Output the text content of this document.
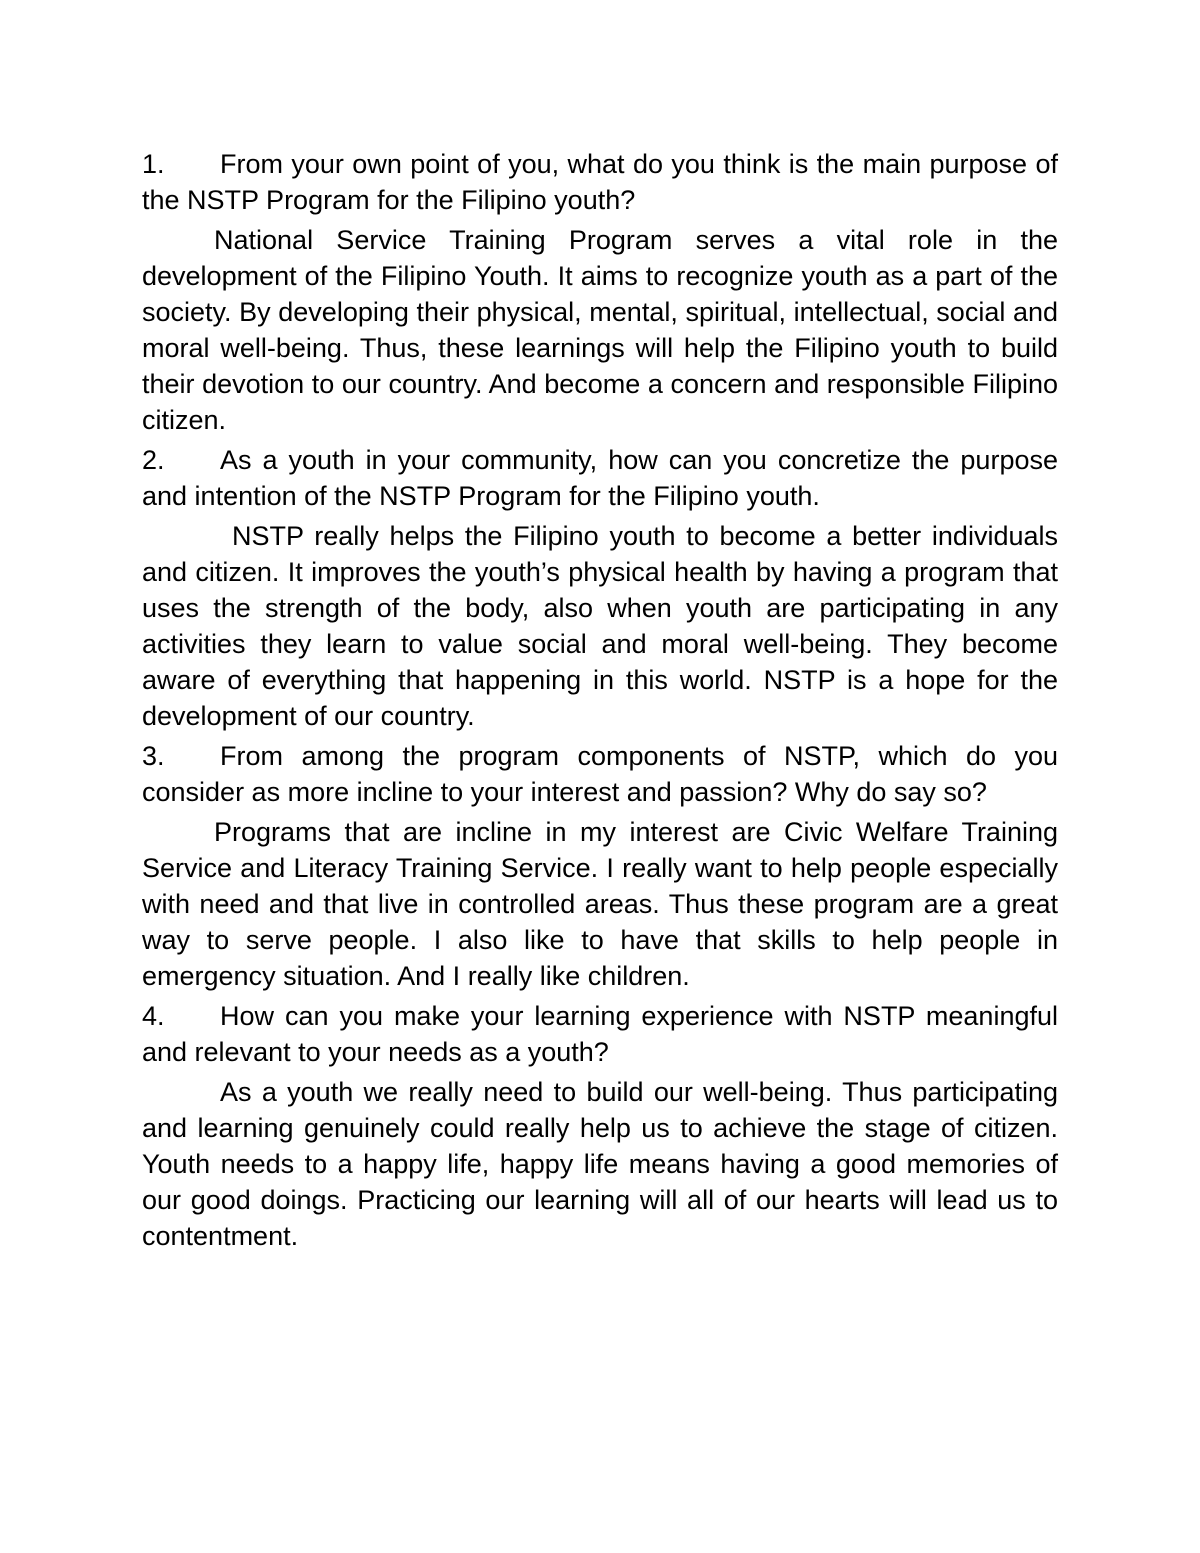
1. From your own point of you, what do you think is the main purpose of the NSTP Program for the Filipino youth?

National Service Training Program serves a vital role in the development of the Filipino Youth. It aims to recognize youth as a part of the society. By developing their physical, mental, spiritual, intellectual, social and moral well-being. Thus, these learnings will help the Filipino youth to build their devotion to our country. And become a concern and responsible Filipino citizen.

2. As a youth in your community, how can you concretize the purpose and intention of the NSTP Program for the Filipino youth.

NSTP really helps the Filipino youth to become a better individuals and citizen. It improves the youth’s physical health by having a program that uses the strength of the body, also when youth are participating in any activities they learn to value social and moral well-being. They become aware of everything that happening in this world. NSTP is a hope for the development of our country.

3. From among the program components of NSTP, which do you consider as more incline to your interest and passion? Why do say so?

Programs that are incline in my interest are Civic Welfare Training Service and Literacy Training Service. I really want to help people especially with need and that live in controlled areas. Thus these program are a great way to serve people. I also like to have that skills to help people in emergency situation. And I really like children.

4. How can you make your learning experience with NSTP meaningful and relevant to your needs as a youth?

As a youth we really need to build our well-being. Thus participating and learning genuinely could really help us to achieve the stage of citizen. Youth needs to a happy life, happy life means having a good memories of our good doings. Practicing our learning will all of our hearts will lead us to contentment.
